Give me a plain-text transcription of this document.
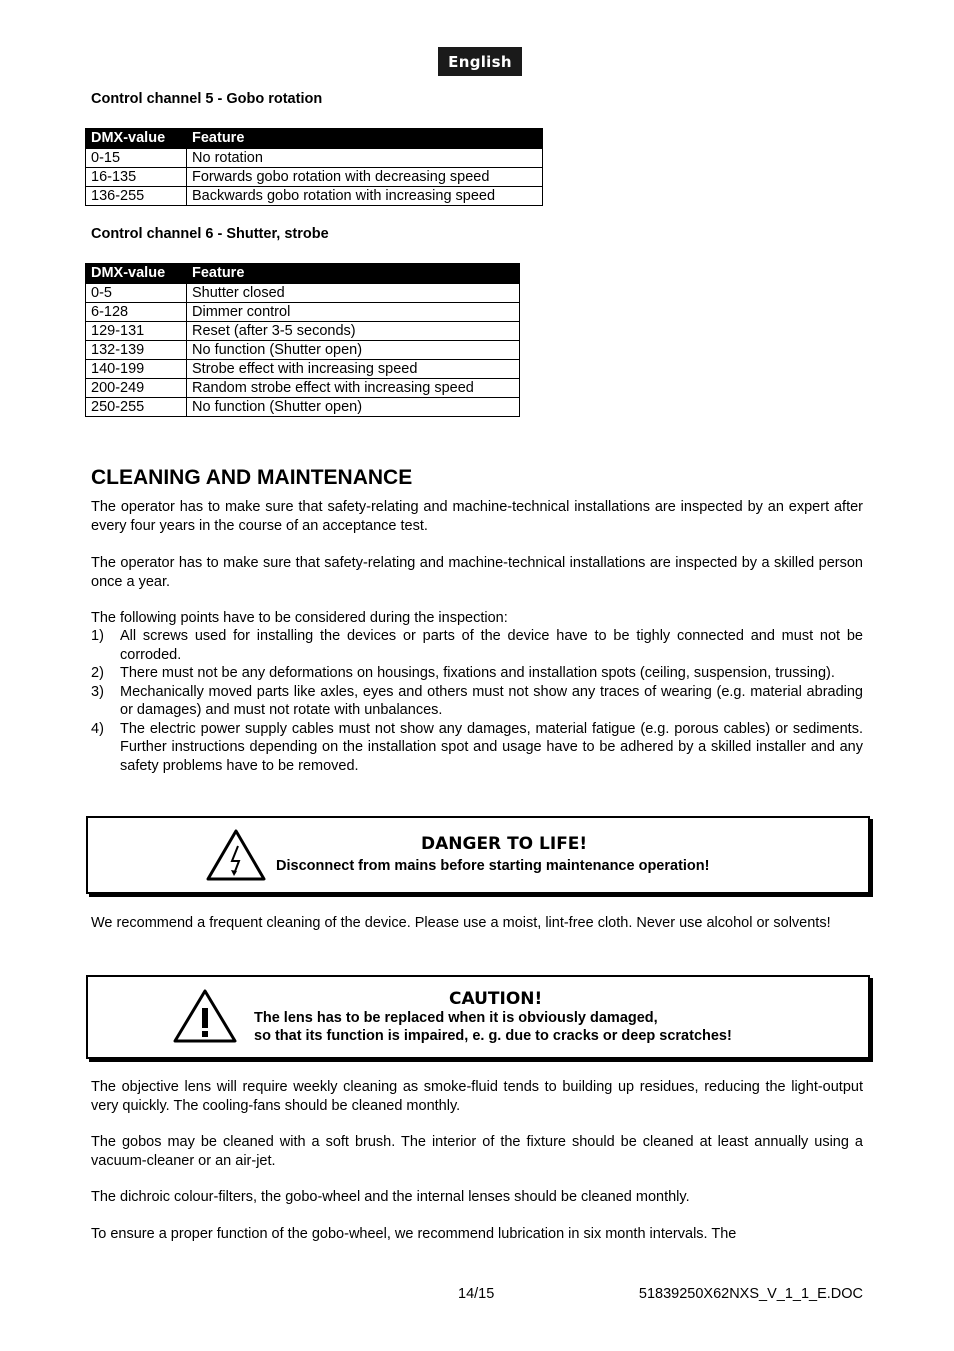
English
Control channel 5 - Gobo rotation
DMX-value	Feature
0-15	No rotation
16-135	Forwards gobo rotation with decreasing speed
136-255	Backwards gobo rotation with increasing speed
Control channel 6 - Shutter, strobe
DMX-value	Feature
0-5	Shutter closed
6-128	Dimmer control
129-131	Reset (after 3-5 seconds)
132-139	No function (Shutter open)
140-199	Strobe effect with increasing speed
200-249	Random strobe effect with increasing speed
250-255	No function (Shutter open)
CLEANING AND MAINTENANCE

The operator has to make sure that safety-relating and machine-technical installations are inspected by an expert after every four years in the course of an acceptance test.

The operator has to make sure that safety-relating and machine-technical installations are inspected by a skilled person once a year.

The following points have to be considered during the inspection:

1)	All screws used for installing the devices or parts of the device have to be tighly connected and must not be corroded.
2)	There must not be any deformations on housings, fixations and installation spots (ceiling, suspension, trussing).
3)	Mechanically moved parts like axles, eyes and others must not show any traces of wearing (e.g. material abrading or damages) and must not rotate with unbalances.
4)	The electric power supply cables must not show any damages, material fatigue (e.g. porous cables) or sediments. Further instructions depending on the installation spot and usage have to be adhered by a skilled installer and any safety problems have to be removed.
DANGER TO LIFE!
Disconnect from mains before starting maintenance operation!

We recommend a frequent cleaning of the device. Please use a moist, lint-free cloth. Never use alcohol or solvents!

CAUTION!
The lens has to be replaced when it is obviously damaged,
so that its function is impaired, e. g. due to cracks or deep scratches!

The objective lens will require weekly cleaning as smoke-fluid tends to building up residues, reducing the light-output very quickly. The cooling-fans should be cleaned monthly.

The gobos may be cleaned with a soft brush. The interior of the fixture should be cleaned at least annually using a vacuum-cleaner or an air-jet.

The dichroic colour-filters, the gobo-wheel and the internal lenses should be cleaned monthly.

To ensure a proper function of the gobo-wheel, we recommend lubrication in six month intervals. The

14/15	51839250X62NXS_V_1_1_E.DOC
